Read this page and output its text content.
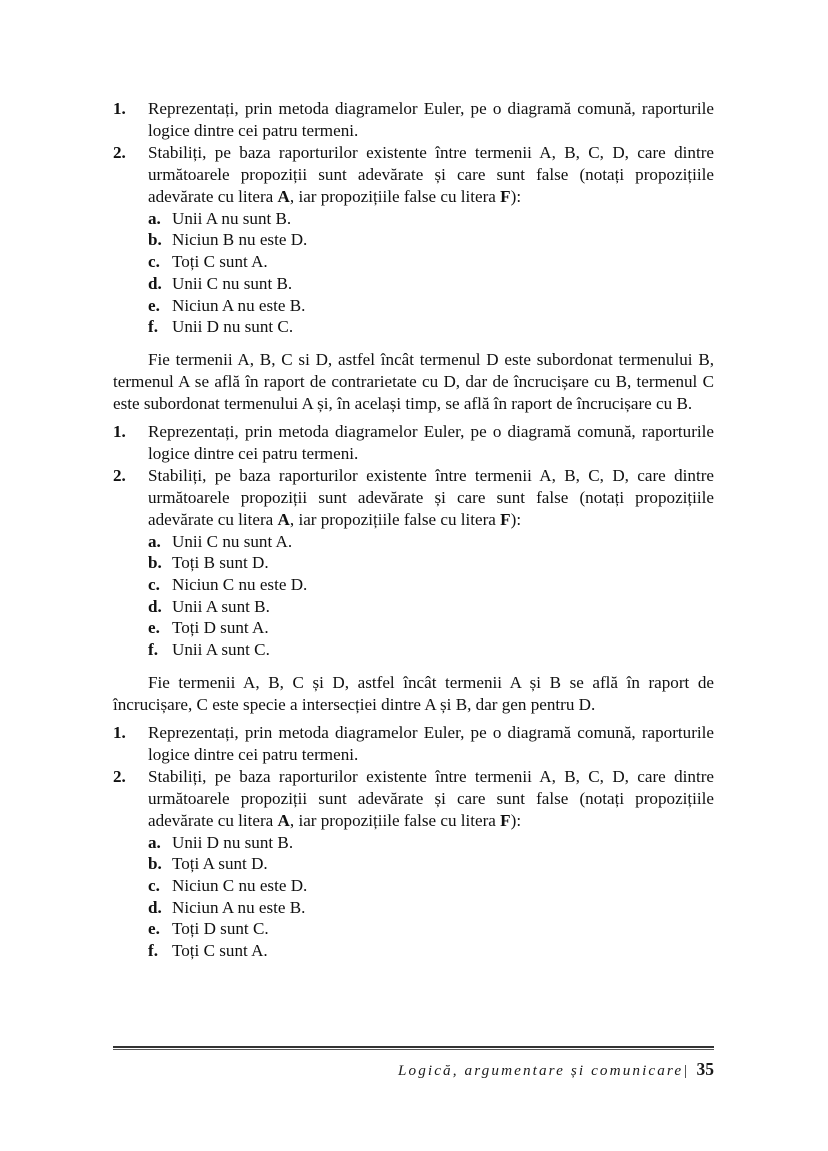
1. Reprezentați, prin metoda diagramelor Euler, pe o diagramă comună, raporturile logice dintre cei patru termeni.
2. Stabiliți, pe baza raporturilor existente între termenii A, B, C, D, care dintre următoarele propoziții sunt adevărate și care sunt false (notați propozițiile adevărate cu litera A, iar propozițiile false cu litera F):
a. Unii A nu sunt B.
b. Niciun B nu este D.
c. Toți C sunt A.
d. Unii C nu sunt B.
e. Niciun A nu este B.
f. Unii D nu sunt C.

Fie termenii A, B, C si D, astfel încât termenul D este subordonat termenului B, termenul A se află în raport de contrarietate cu D, dar de încrucișare cu B, termenul C este subordonat termenului A și, în același timp, se află în raport de încrucișare cu B.

1. Reprezentați, prin metoda diagramelor Euler, pe o diagramă comună, raporturile logice dintre cei patru termeni.
2. Stabiliți, pe baza raporturilor existente între termenii A, B, C, D, care dintre următoarele propoziții sunt adevărate și care sunt false (notați propozițiile adevărate cu litera A, iar propozițiile false cu litera F):
a. Unii C nu sunt A.
b. Toți B sunt D.
c. Niciun C nu este D.
d. Unii A sunt B.
e. Toți D sunt A.
f. Unii A sunt C.

Fie termenii A, B, C și D, astfel încât termenii A și B se află în raport de încrucișare, C este specie a intersecției dintre A și B, dar gen pentru D.

1. Reprezentați, prin metoda diagramelor Euler, pe o diagramă comună, raporturile logice dintre cei patru termeni.
2. Stabiliți, pe baza raporturilor existente între termenii A, B, C, D, care dintre următoarele propoziții sunt adevărate și care sunt false (notați propozițiile adevărate cu litera A, iar propozițiile false cu litera F):
a. Unii D nu sunt B.
b. Toți A sunt D.
c. Niciun C nu este D.
d. Niciun A nu este B.
e. Toți D sunt C.
f. Toți C sunt A.
Logică, argumentare și comunicare| 35
